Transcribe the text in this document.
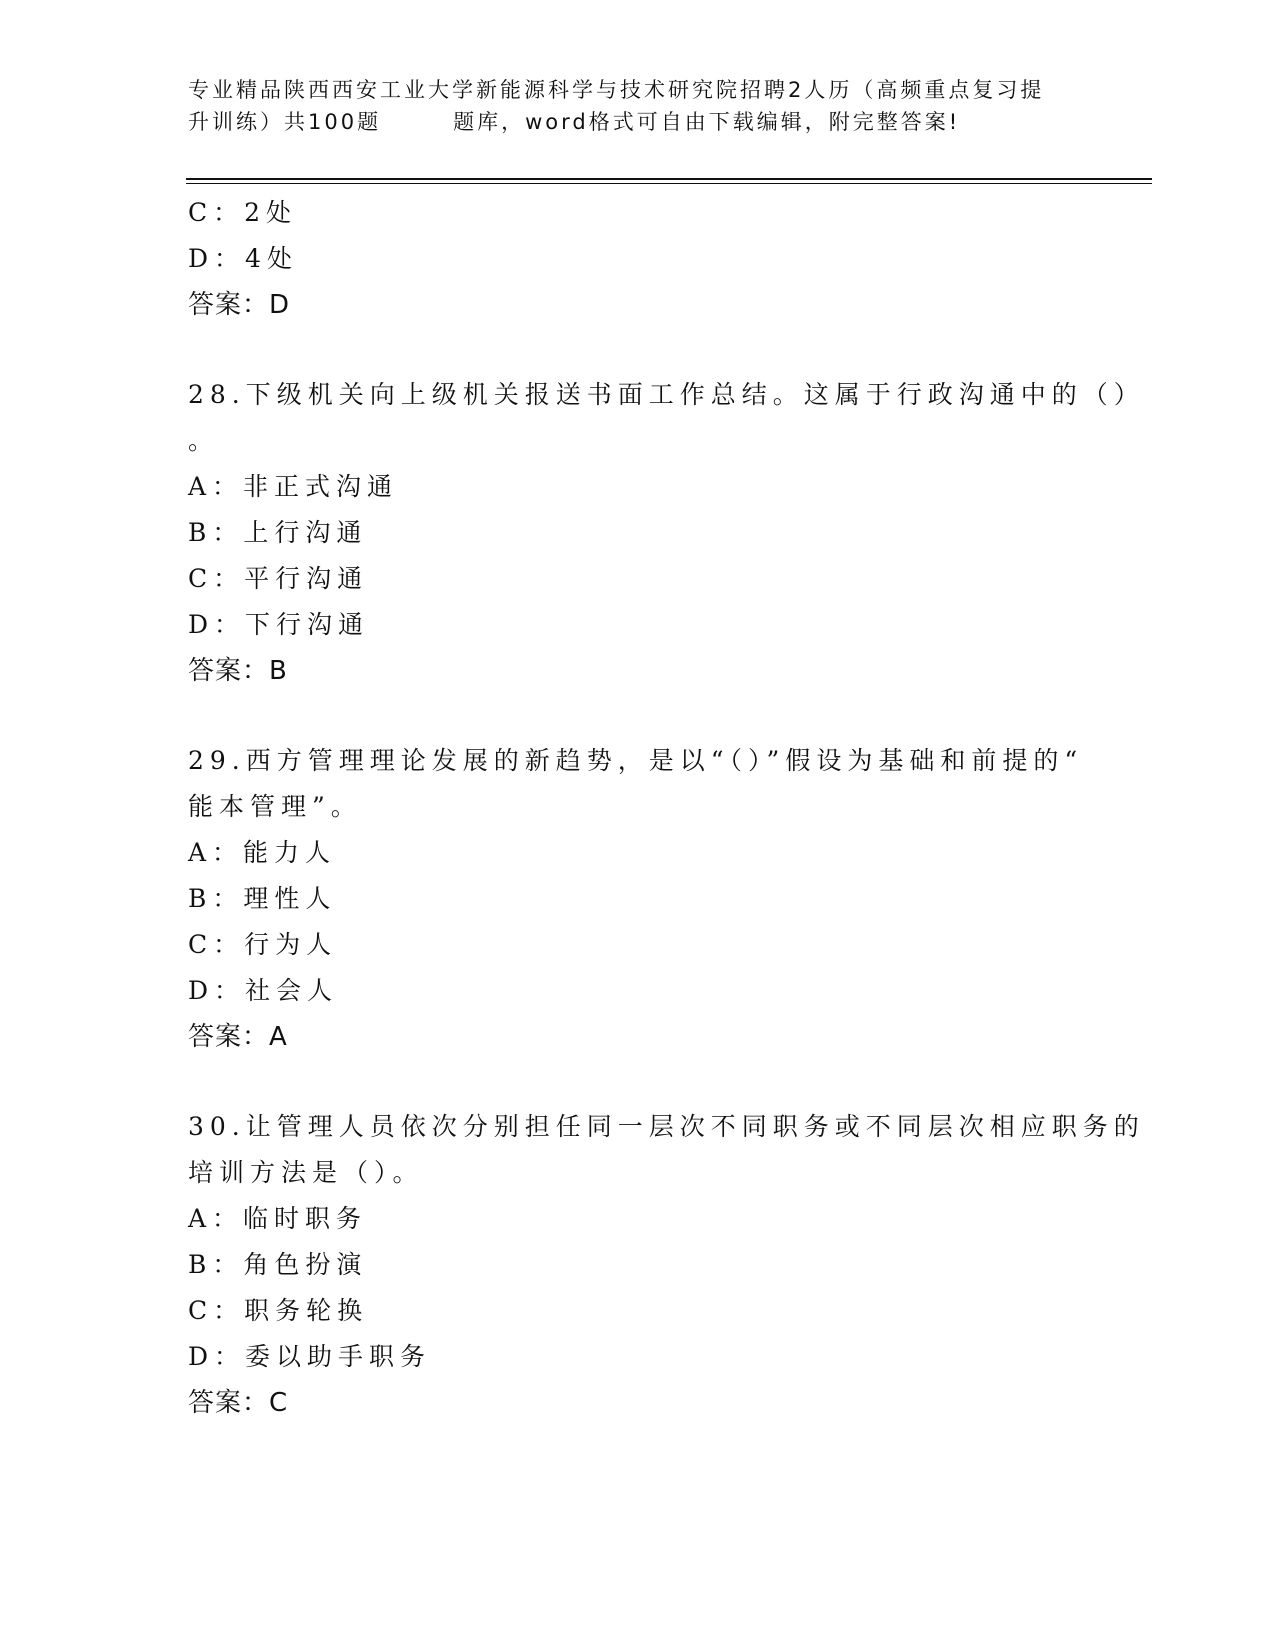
专业精品陕西西安工业大学新能源科学与技术研究院招聘2人历（高频重点复习提
升训练）共100题	题库，word格式可自由下载编辑，附完整答案!
C：2处
D：4处
答案：D
28.下级机关向上级机关报送书面工作总结。这属于行政沟通中的（）
。
A：非正式沟通
B：上行沟通
C：平行沟通
D：下行沟通
答案：B
29.西方管理理论发展的新趋势，是以“（）”假设为基础和前提的“
能本管理”。
A：能力人
B：理性人
C：行为人
D：社会人
答案：A
30.让管理人员依次分别担任同一层次不同职务或不同层次相应职务的
培训方法是（）。
A：临时职务
B：角色扮演
C：职务轮换
D：委以助手职务
答案：C
